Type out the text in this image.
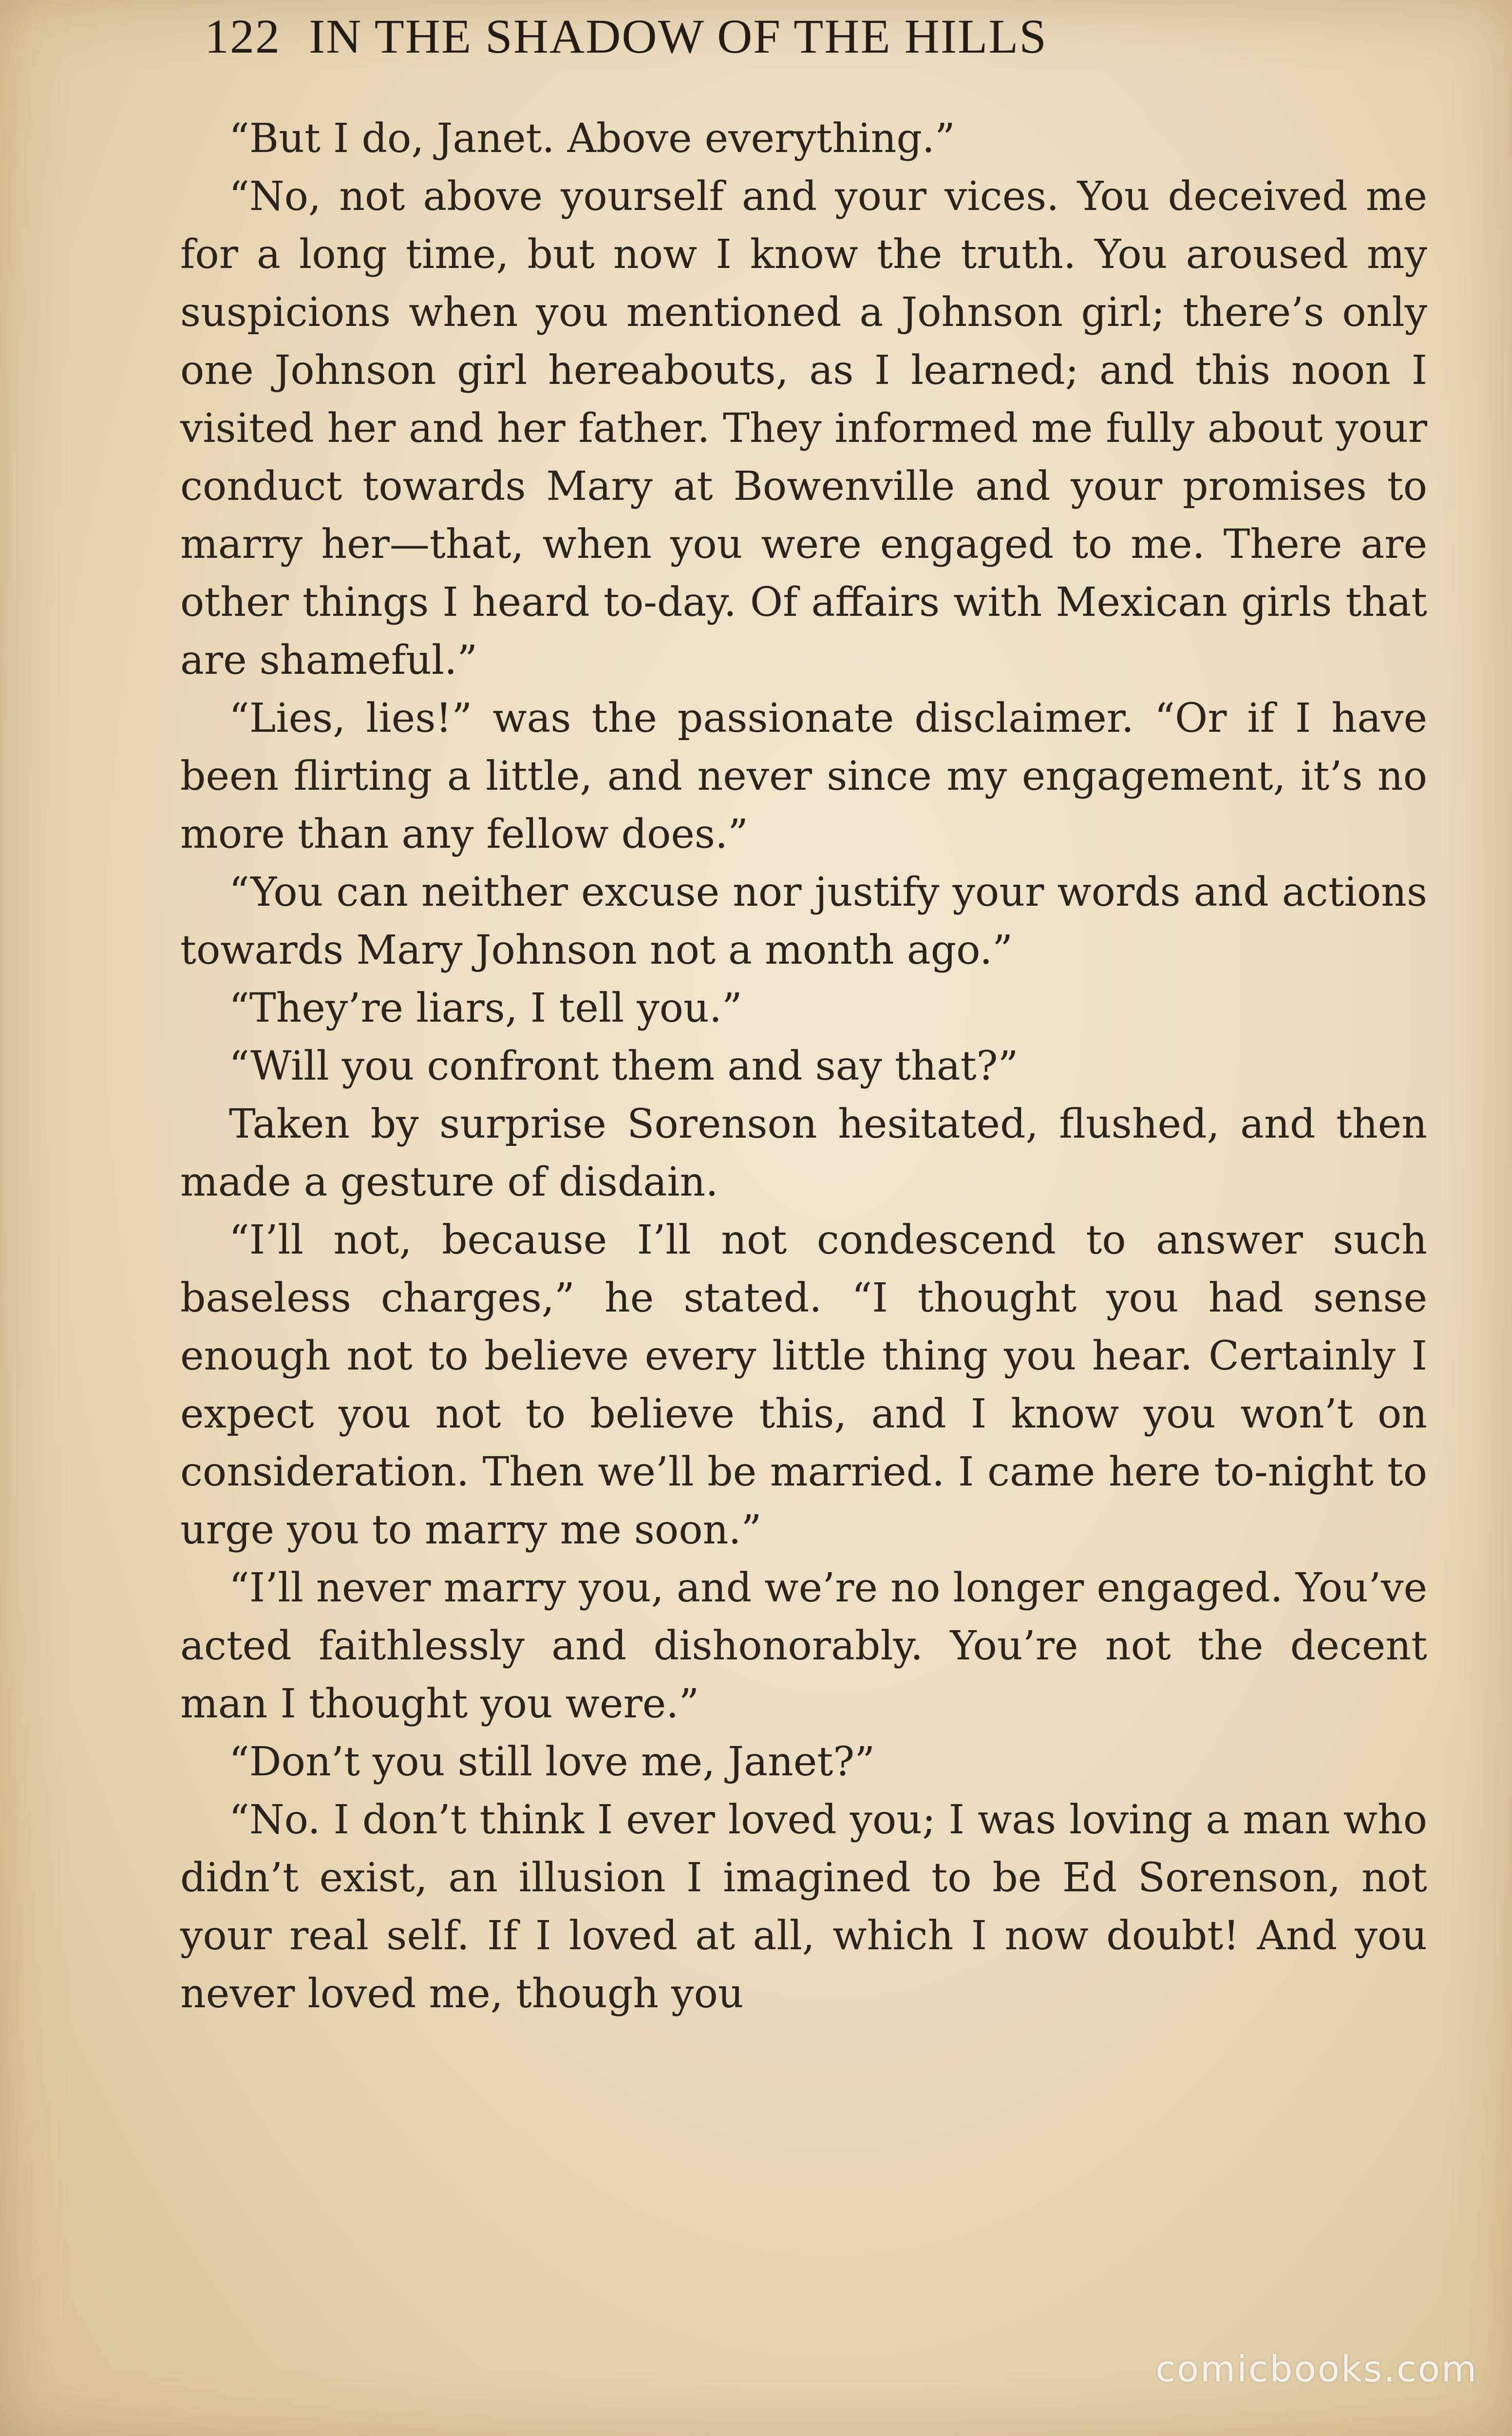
122 IN THE SHADOW OF THE HILLS

“But I do, Janet. Above everything.”

“No, not above yourself and your vices. You deceived me for a long time, but now I know the truth. You aroused my suspicions when you mentioned a Johnson girl; there’s only one Johnson girl hereabouts, as I learned; and this noon I visited her and her father. They informed me fully about your conduct towards Mary at Bowenville and your promises to marry her—that, when you were engaged to me. There are other things I heard to-day. Of affairs with Mexican girls that are shameful.”

“Lies, lies!” was the passionate disclaimer. “Or if I have been flirting a little, and never since my engagement, it’s no more than any fellow does.”

“You can neither excuse nor justify your words and actions towards Mary Johnson not a month ago.”

“They’re liars, I tell you.”

“Will you confront them and say that?”

Taken by surprise Sorenson hesitated, flushed, and then made a gesture of disdain.

“I’ll not, because I’ll not condescend to answer such baseless charges,” he stated. “I thought you had sense enough not to believe every little thing you hear. Certainly I expect you not to believe this, and I know you won’t on consideration. Then we’ll be married. I came here to-night to urge you to marry me soon.”

“I’ll never marry you, and we’re no longer engaged. You’ve acted faithlessly and dishonorably. You’re not the decent man I thought you were.”

“Don’t you still love me, Janet?”

“No. I don’t think I ever loved you; I was loving a man who didn’t exist, an illusion I imagined to be Ed Sorenson, not your real self. If I loved at all, which I now doubt! And you never loved me, though you

comicbooks.com
